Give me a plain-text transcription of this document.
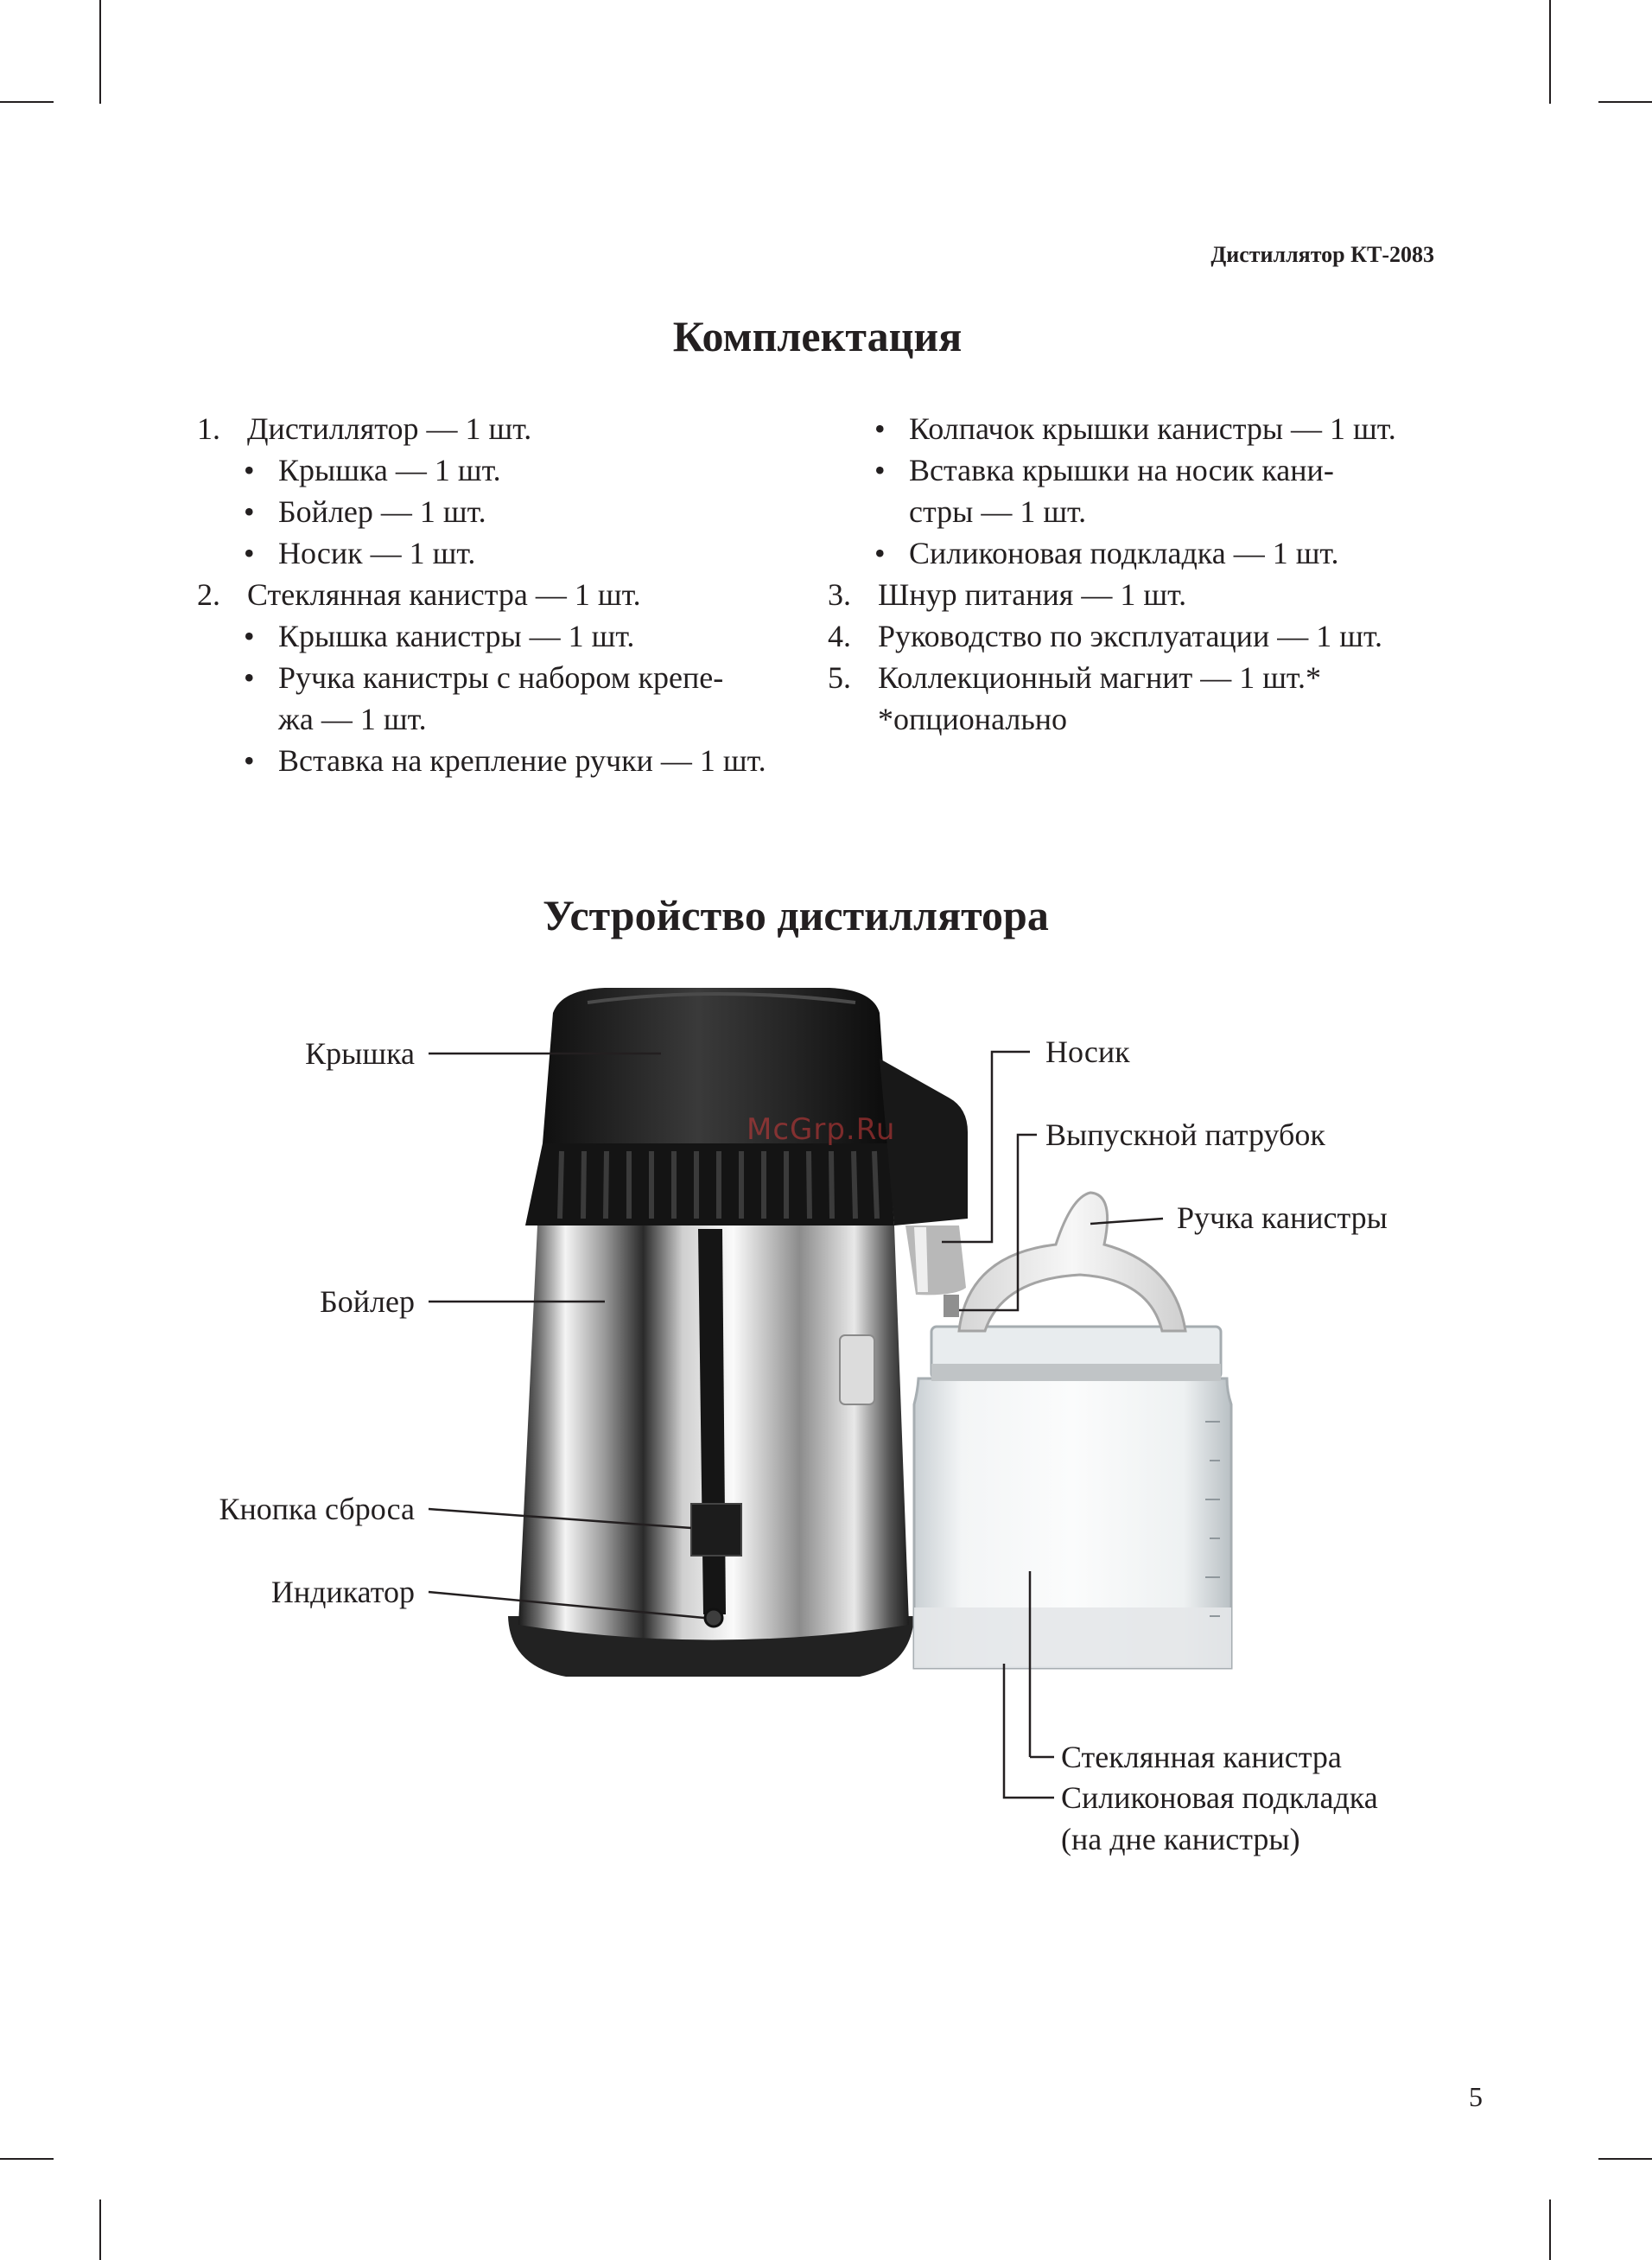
Дистиллятор КТ-2083
Комплектация
1. Дистиллятор — 1 шт.
• Крышка — 1 шт.
• Бойлер — 1 шт.
• Носик — 1 шт.
2. Стеклянная канистра — 1 шт.
• Крышка канистры — 1 шт.
• Ручка канистры с набором крепе-
жа — 1 шт.
• Вставка на крепление ручки — 1 шт.
• Колпачок крышки канистры — 1 шт.
• Вставка крышки на носик кани-
стры — 1 шт.
• Силиконовая подкладка — 1 шт.
3. Шнур питания — 1 шт.
4. Руководство по эксплуатации — 1 шт.
5. Коллекционный магнит — 1 шт.*
*опционально
Устройство дистиллятора
McGrp.Ru
Крышка
Бойлер
Кнопка сброса
Индикатор
Носик
Выпускной патрубок
Ручка канистры
Стеклянная канистра
Силиконовая подкладка
(на дне канистры)
5
